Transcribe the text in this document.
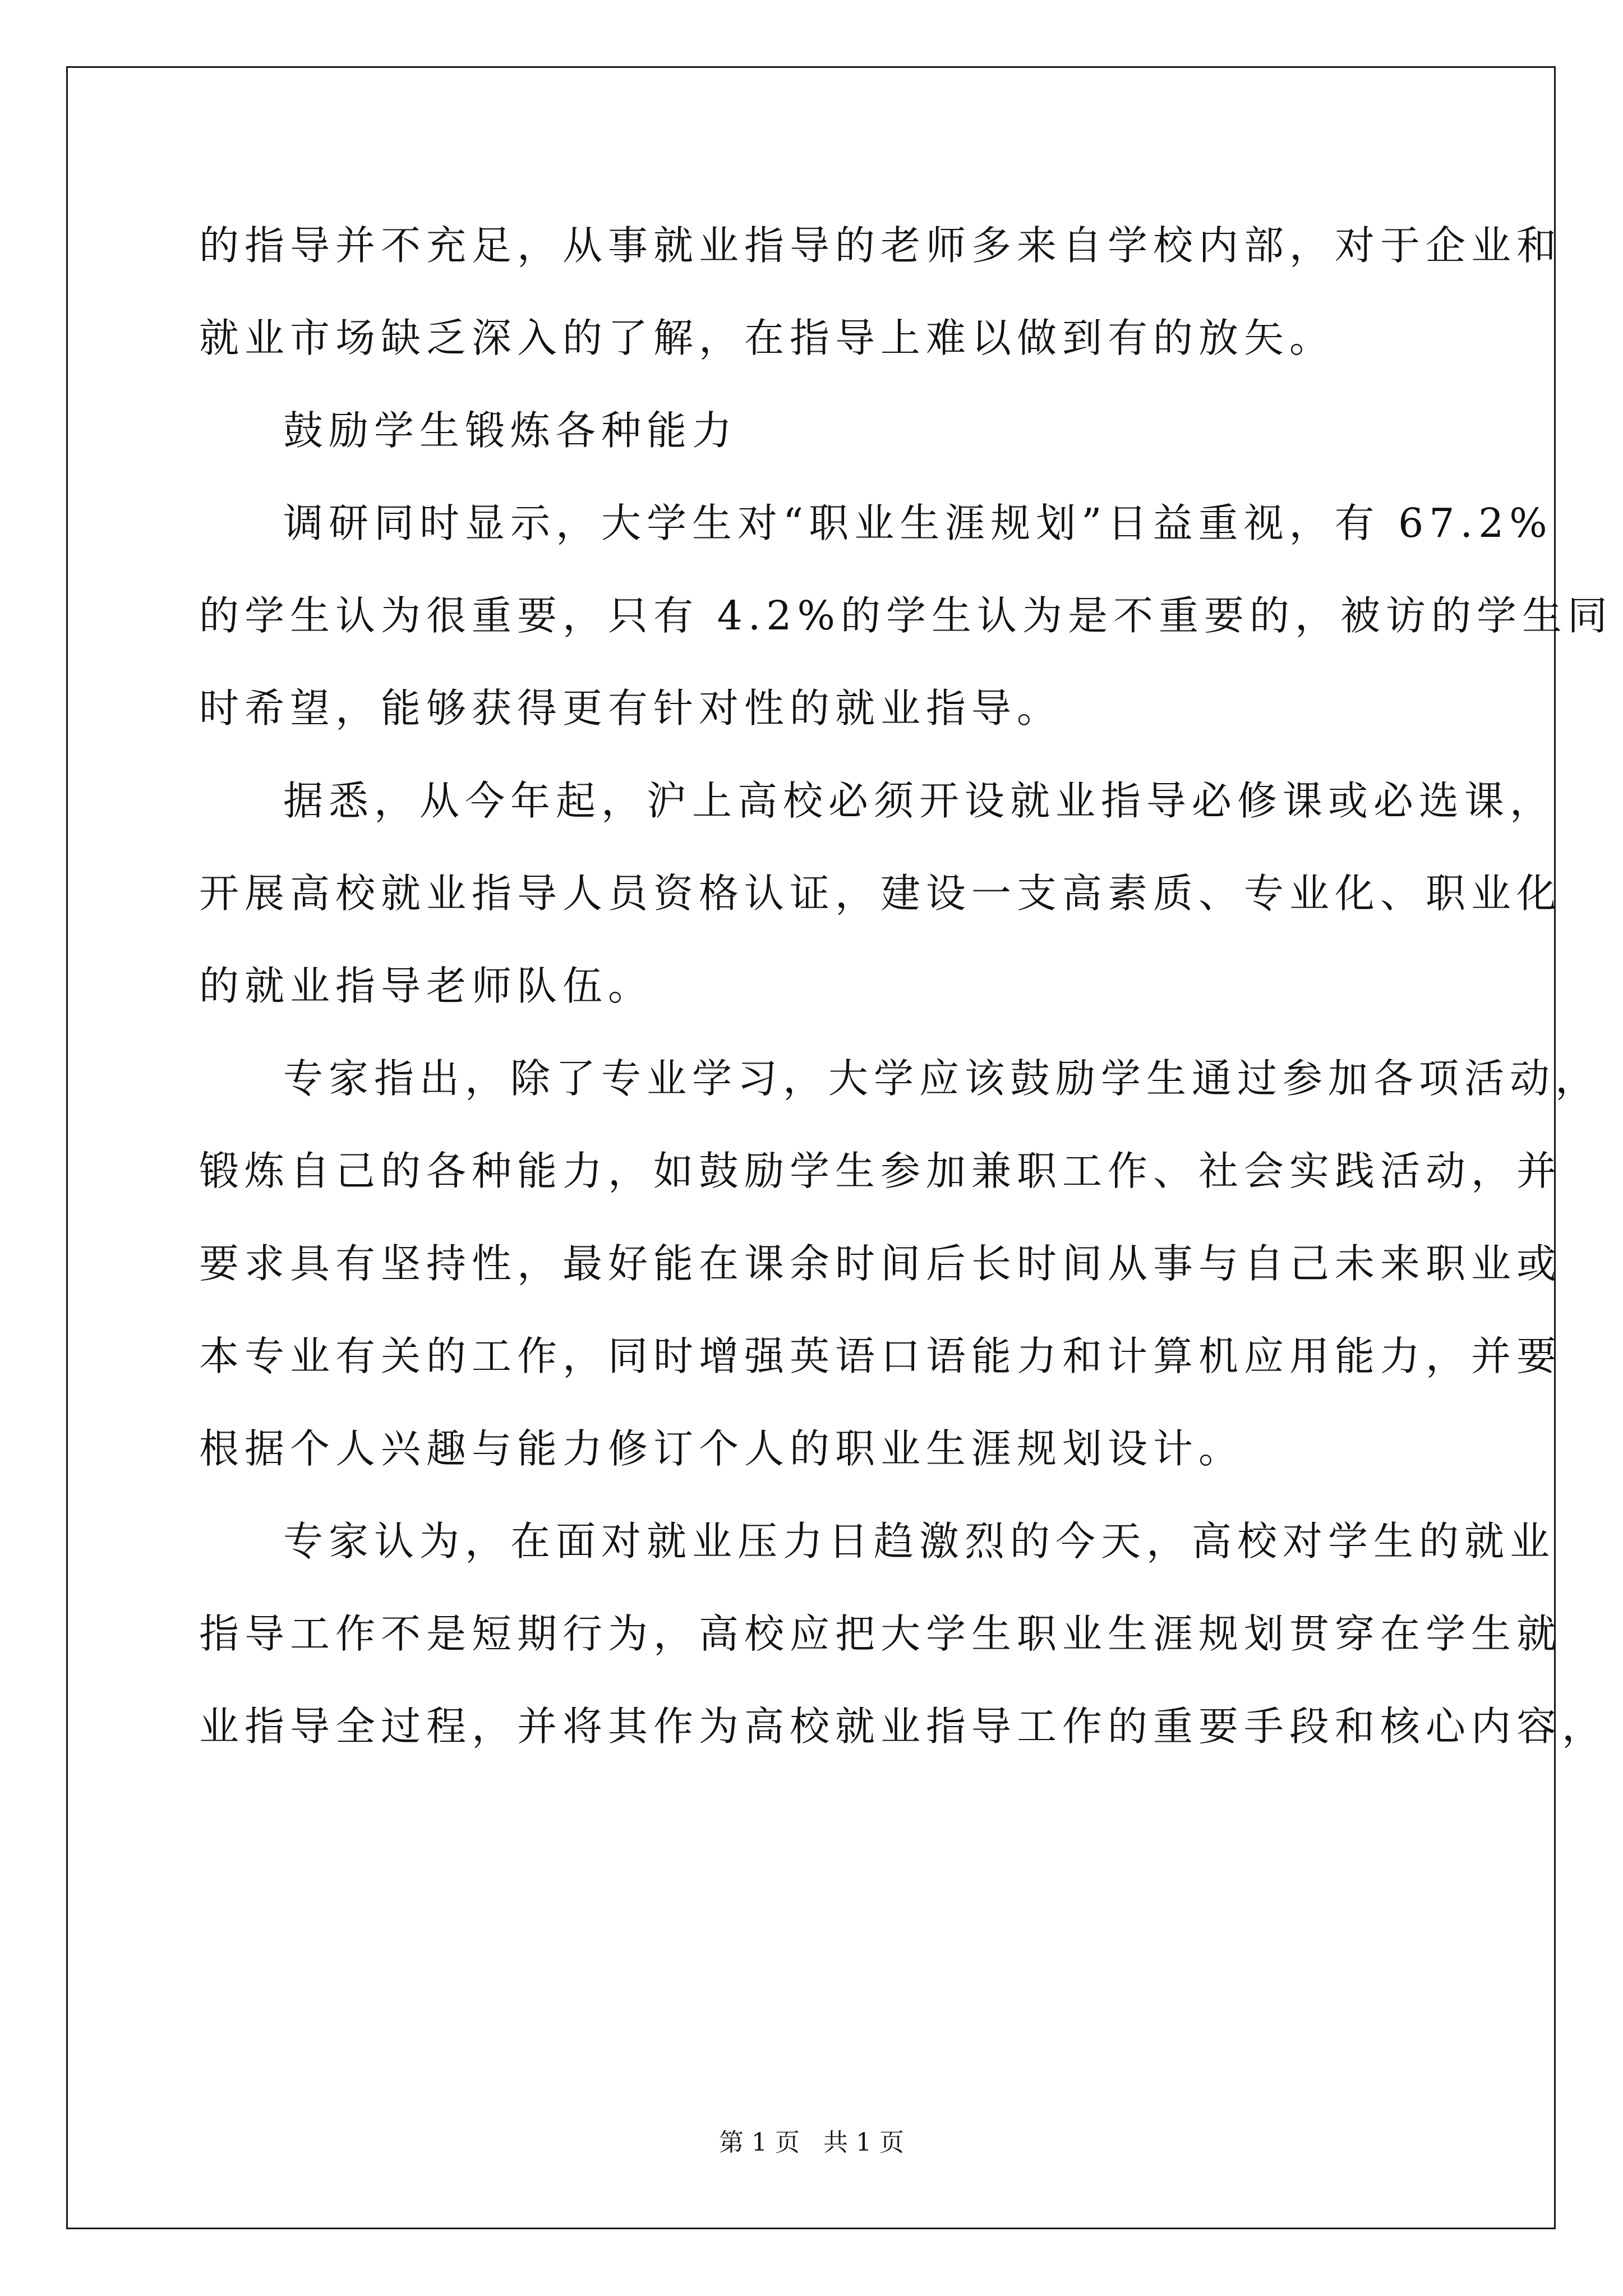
的指导并不充足，从事就业指导的老师多来自学校内部，对于企业和

就业市场缺乏深入的了解，在指导上难以做到有的放矢。

鼓励学生锻炼各种能力

调研同时显示，大学生对“职业生涯规划”日益重视，有 67.2%

的学生认为很重要，只有 4.2%的学生认为是不重要的，被访的学生同

时希望，能够获得更有针对性的就业指导。

据悉，从今年起，沪上高校必须开设就业指导必修课或必选课，

开展高校就业指导人员资格认证，建设一支高素质、专业化、职业化

的就业指导老师队伍。

专家指出，除了专业学习，大学应该鼓励学生通过参加各项活动，

锻炼自己的各种能力，如鼓励学生参加兼职工作、社会实践活动，并

要求具有坚持性，最好能在课余时间后长时间从事与自己未来职业或

本专业有关的工作，同时增强英语口语能力和计算机应用能力，并要

根据个人兴趣与能力修订个人的职业生涯规划设计。

专家认为，在面对就业压力日趋激烈的今天，高校对学生的就业

指导工作不是短期行为，高校应把大学生职业生涯规划贯穿在学生就

业指导全过程，并将其作为高校就业指导工作的重要手段和核心内容，

第 1 页   共 1 页
